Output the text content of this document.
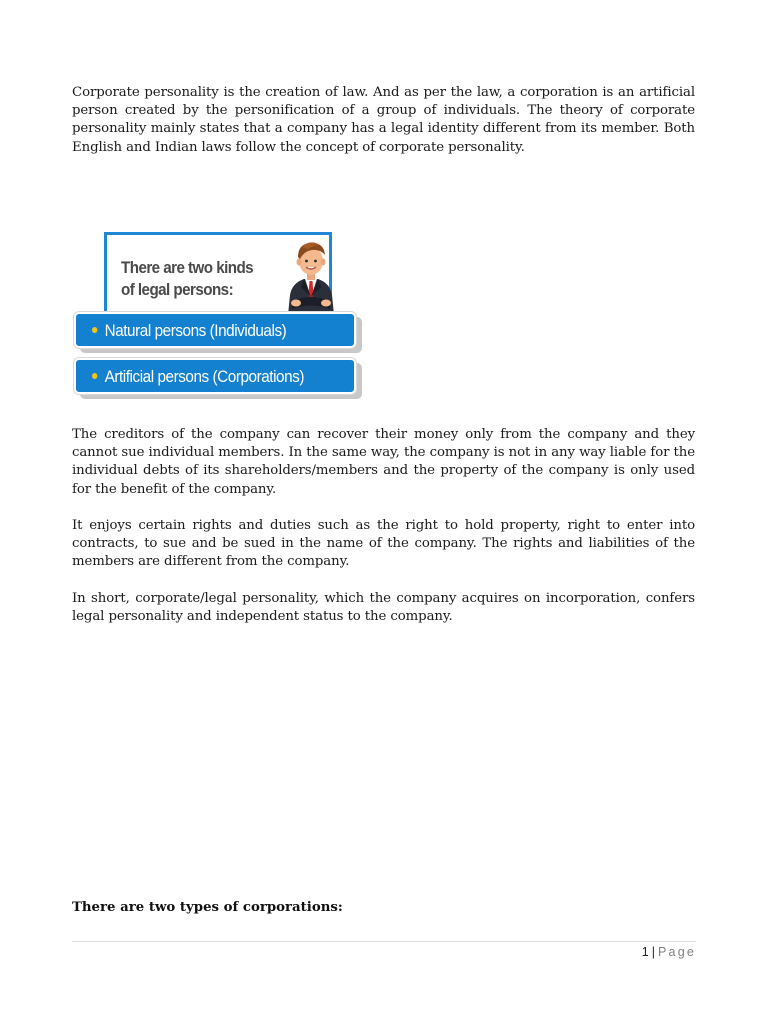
Corporate personality is the creation of law. And as per the law, a corporation is an artificial person created by the personification of a group of individuals. The theory of corporate personality mainly states that a company has a legal identity different from its member. Both English and Indian laws follow the concept of corporate personality.

There are two kinds
of legal persons:
Natural persons (Individuals)
Artificial persons (Corporations)

The creditors of the company can recover their money only from the company and they cannot sue individual members. In the same way, the company is not in any way liable for the individual debts of its shareholders/members and the property of the company is only used for the benefit of the company.

It enjoys certain rights and duties such as the right to hold property, right to enter into contracts, to sue and be sued in the name of the company. The rights and liabilities of the members are different from the company.

In short, corporate/legal personality, which the company acquires on incorporation, confers legal personality and independent status to the company.

There are two types of corporations:

1 | Page
